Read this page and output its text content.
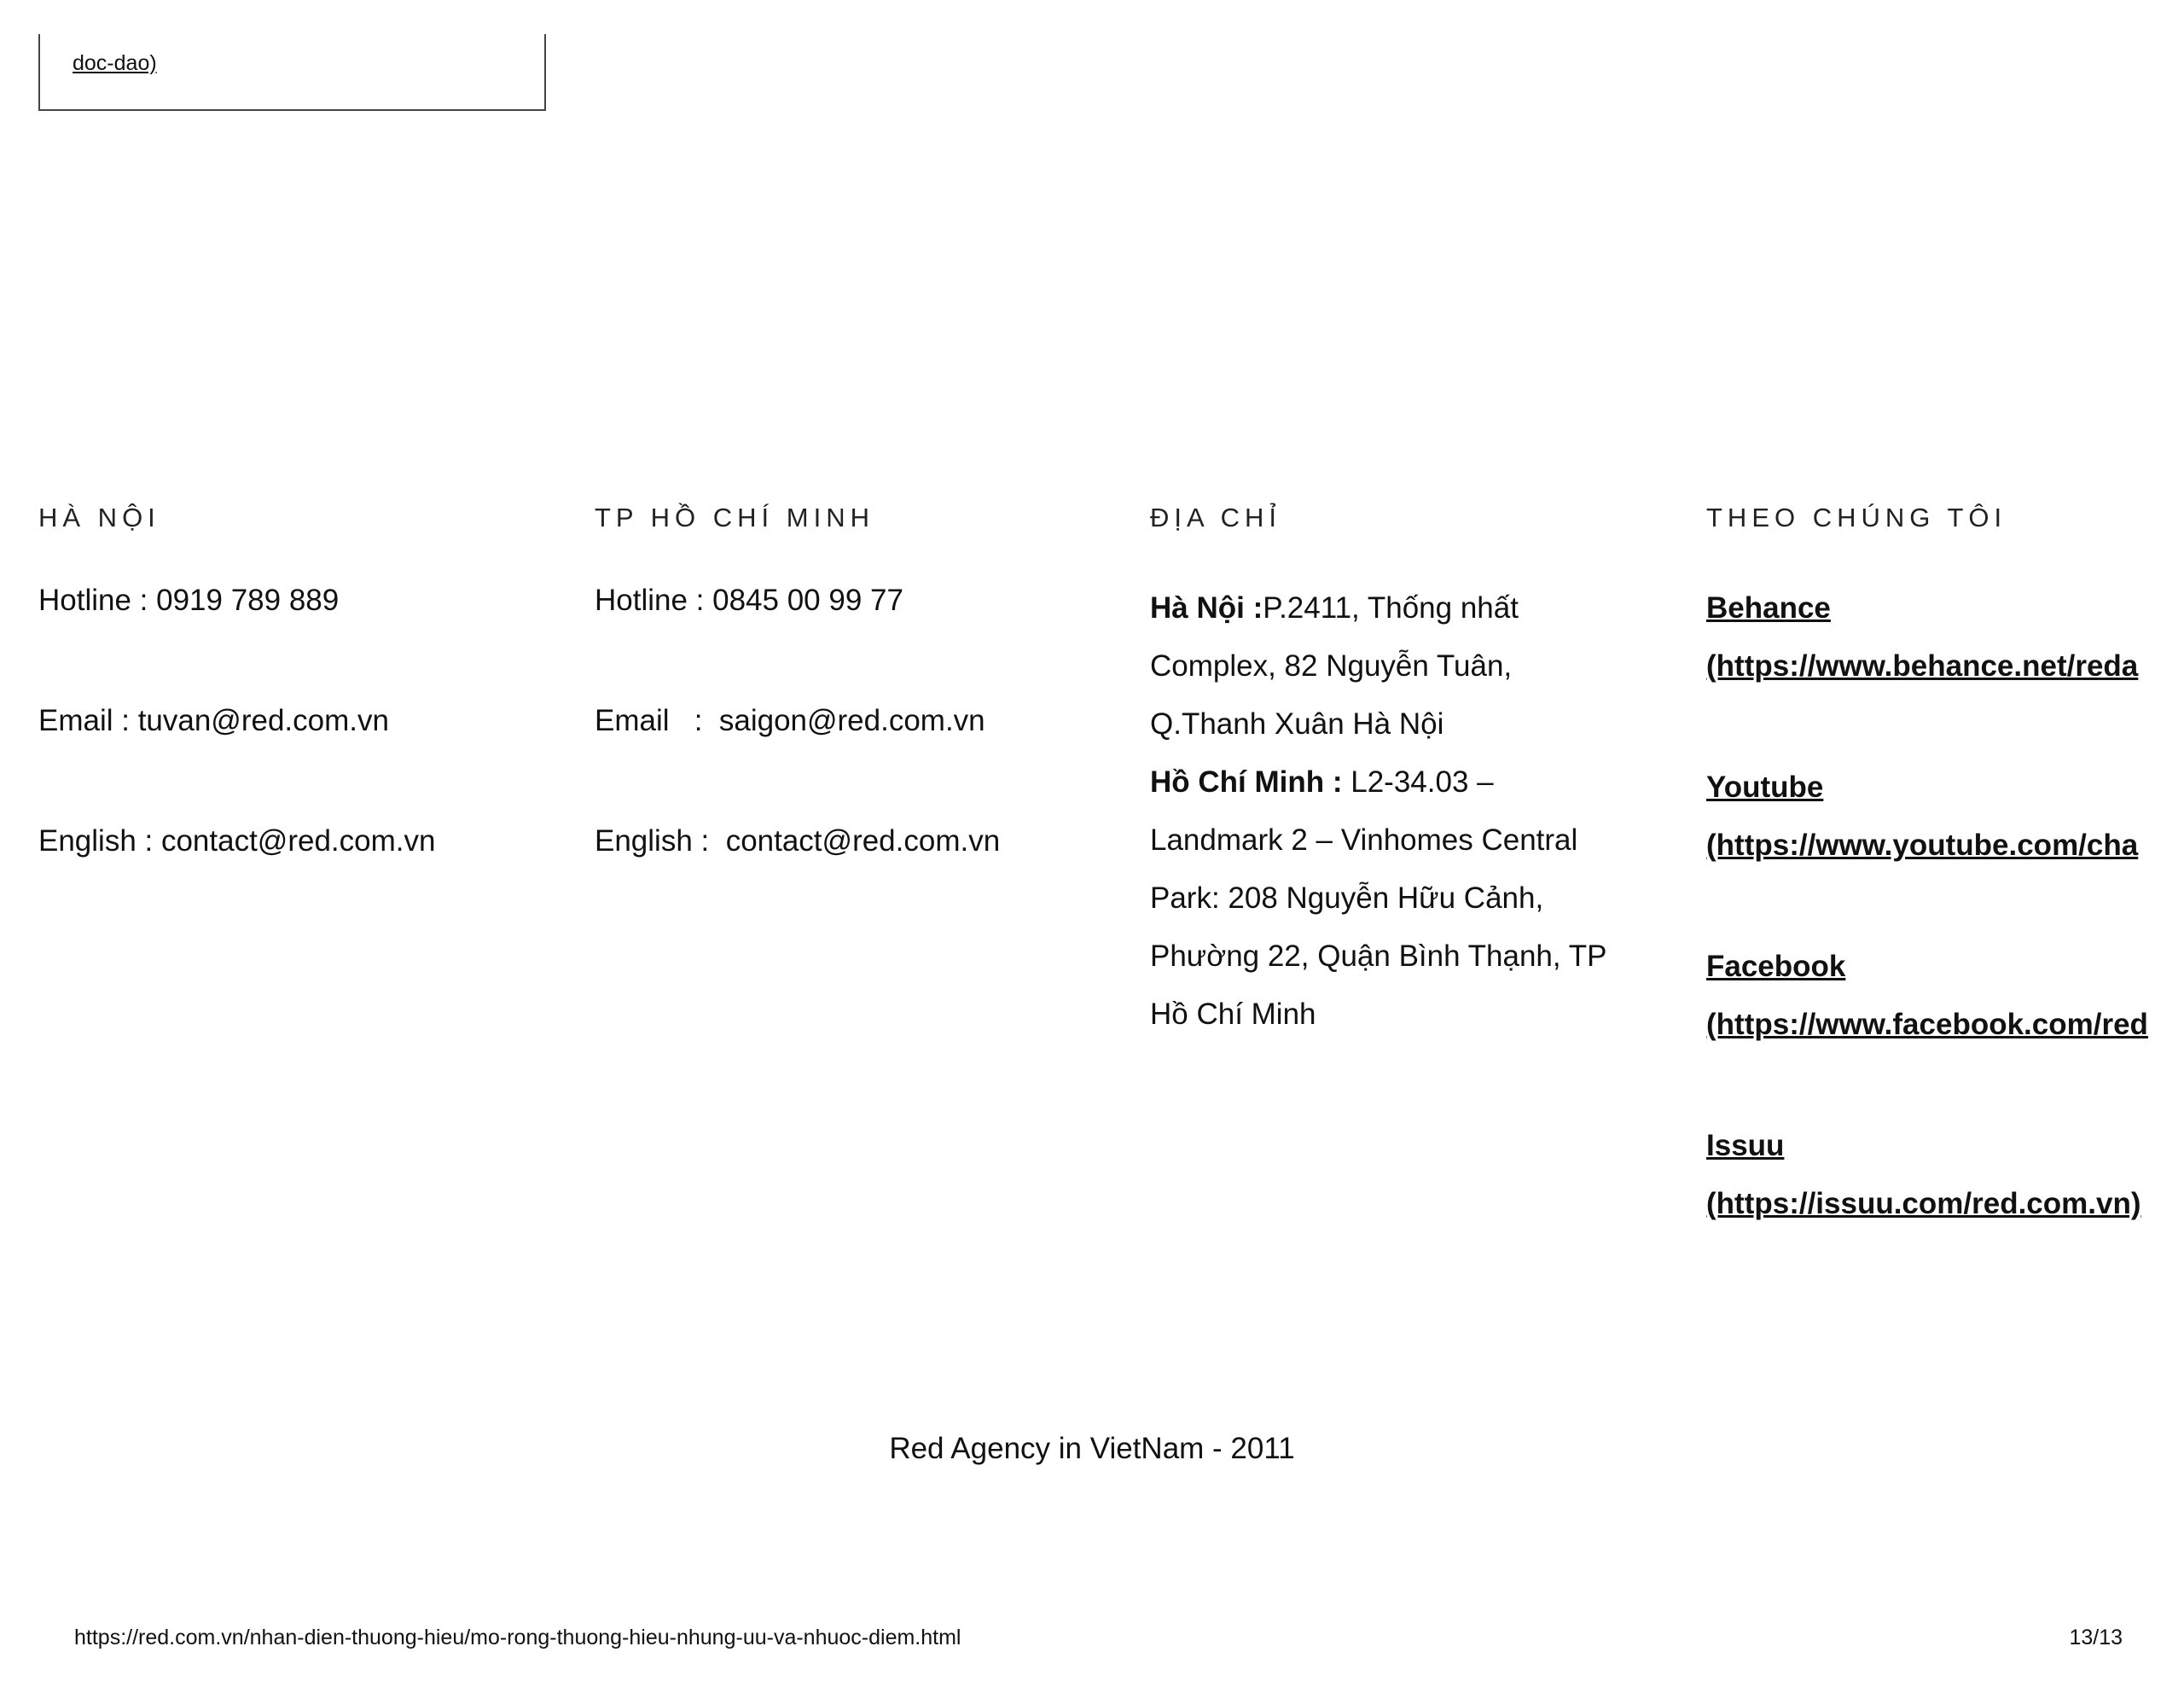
doc-dao)
HÀ NỘI
Hotline : 0919 789 889
Email : tuvan@red.com.vn
English : contact@red.com.vn
TP HỒ CHÍ MINH
Hotline : 0845 00 99 77
Email   :  saigon@red.com.vn
English :  contact@red.com.vn
ĐỊA CHỈ
Hà Nội :P.2411, Thống nhất Complex, 82 Nguyễn Tuân, Q.Thanh Xuân Hà Nội
Hồ Chí Minh : L2-34.03 – Landmark 2 – Vinhomes Central Park: 208 Nguyễn Hữu Cảnh, Phường 22, Quận Bình Thạnh, TP Hồ Chí Minh
THEO CHÚNG TÔI
Behance
(https://www.behance.net/reda
Youtube
(https://www.youtube.com/cha
Facebook
(https://www.facebook.com/red
Issuu
(https://issuu.com/red.com.vn)
Red Agency in VietNam - 2011
https://red.com.vn/nhan-dien-thuong-hieu/mo-rong-thuong-hieu-nhung-uu-va-nhuoc-diem.html	13/13
